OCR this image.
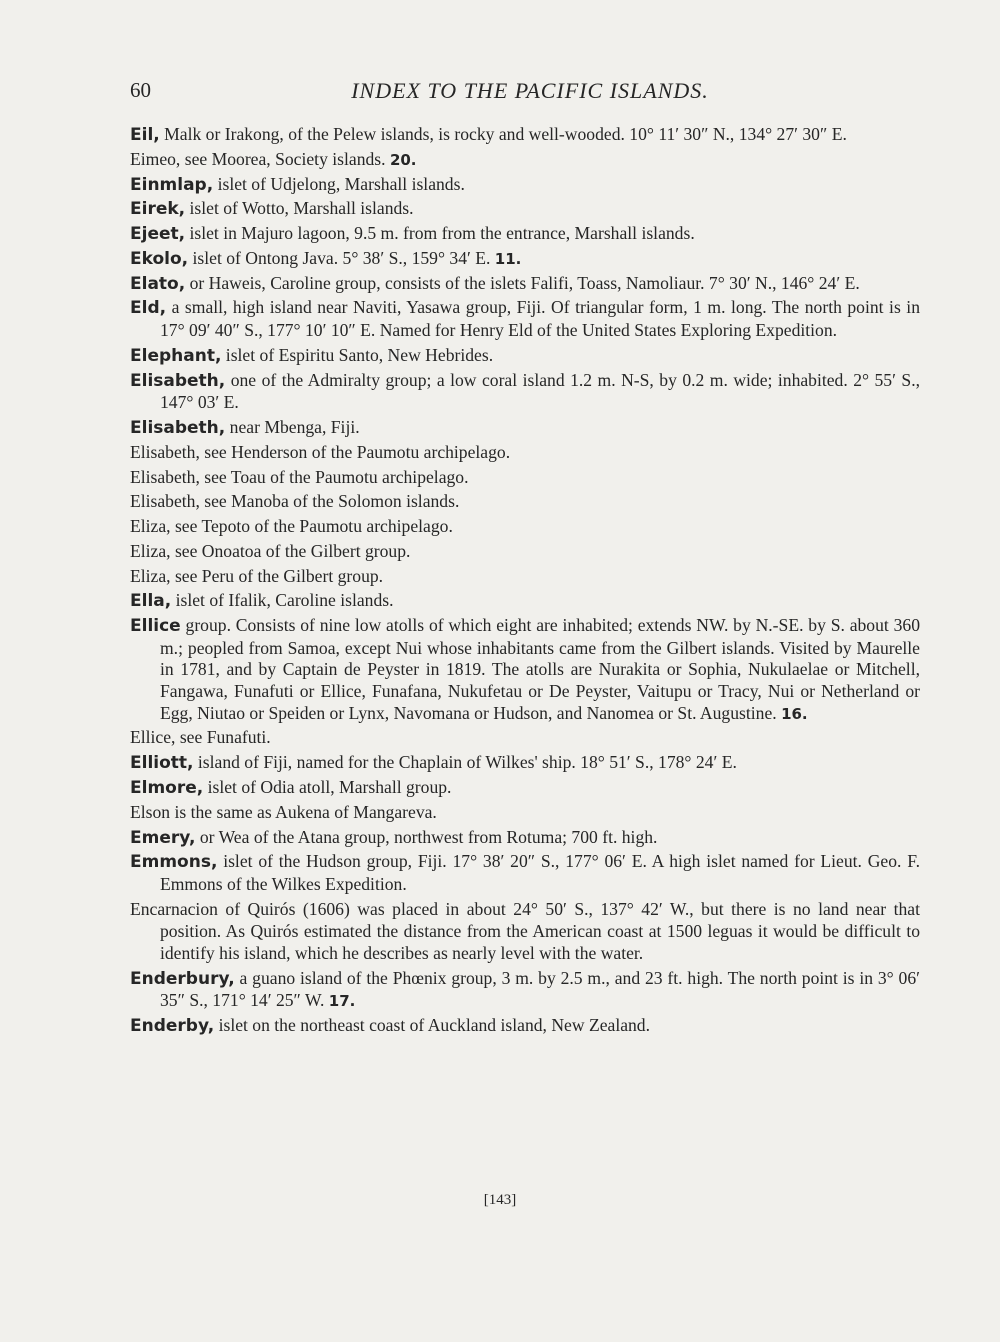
60	INDEX TO THE PACIFIC ISLANDS.

Eil, Malk or Irakong, of the Pelew islands, is rocky and well-wooded. 10° 11′ 30″ N., 134° 27′ 30″ E.

Eimeo, see Moorea, Society islands. 20.

Einmlap, islet of Udjelong, Marshall islands.

Eirek, islet of Wotto, Marshall islands.

Ejeet, islet in Majuro lagoon, 9.5 m. from from the entrance, Marshall islands.

Ekolo, islet of Ontong Java. 5° 38′ S., 159° 34′ E. 11.

Elato, or Haweis, Caroline group, consists of the islets Falifi, Toass, Namoliaur. 7° 30′ N., 146° 24′ E.

Eld, a small, high island near Naviti, Yasawa group, Fiji. Of triangular form, 1 m. long. The north point is in 17° 09′ 40″ S., 177° 10′ 10″ E. Named for Henry Eld of the United States Exploring Expedition.

Elephant, islet of Espiritu Santo, New Hebrides.

Elisabeth, one of the Admiralty group; a low coral island 1.2 m. N-S, by 0.2 m. wide; inhabited. 2° 55′ S., 147° 03′ E.

Elisabeth, near Mbenga, Fiji.

Elisabeth, see Henderson of the Paumotu archipelago.

Elisabeth, see Toau of the Paumotu archipelago.

Elisabeth, see Manoba of the Solomon islands.

Eliza, see Tepoto of the Paumotu archipelago.

Eliza, see Onoatoa of the Gilbert group.

Eliza, see Peru of the Gilbert group.

Ella, islet of Ifalik, Caroline islands.

Ellice group. Consists of nine low atolls of which eight are inhabited; extends NW. by N.-SE. by S. about 360 m.; peopled from Samoa, except Nui whose inhabitants came from the Gilbert islands. Visited by Maurelle in 1781, and by Captain de Peyster in 1819. The atolls are Nurakita or Sophia, Nukulaelae or Mitchell, Fangawa, Funafuti or Ellice, Funafana, Nukufetau or De Peyster, Vaitupu or Tracy, Nui or Netherland or Egg, Niutao or Speiden or Lynx, Navomana or Hudson, and Nanomea or St. Augustine. 16.

Ellice, see Funafuti.

Elliott, island of Fiji, named for the Chaplain of Wilkes' ship. 18° 51′ S., 178° 24′ E.

Elmore, islet of Odia atoll, Marshall group.

Elson is the same as Aukena of Mangareva.

Emery, or Wea of the Atana group, northwest from Rotuma; 700 ft. high.

Emmons, islet of the Hudson group, Fiji. 17° 38′ 20″ S., 177° 06′ E. A high islet named for Lieut. Geo. F. Emmons of the Wilkes Expedition.

Encarnacion of Quirós (1606) was placed in about 24° 50′ S., 137° 42′ W., but there is no land near that position. As Quirós estimated the distance from the American coast at 1500 leguas it would be difficult to identify his island, which he describes as nearly level with the water.

Enderbury, a guano island of the Phœnix group, 3 m. by 2.5 m., and 23 ft. high. The north point is in 3° 06′ 35″ S., 171° 14′ 25″ W. 17.

Enderby, islet on the northeast coast of Auckland island, New Zealand.

[143]
